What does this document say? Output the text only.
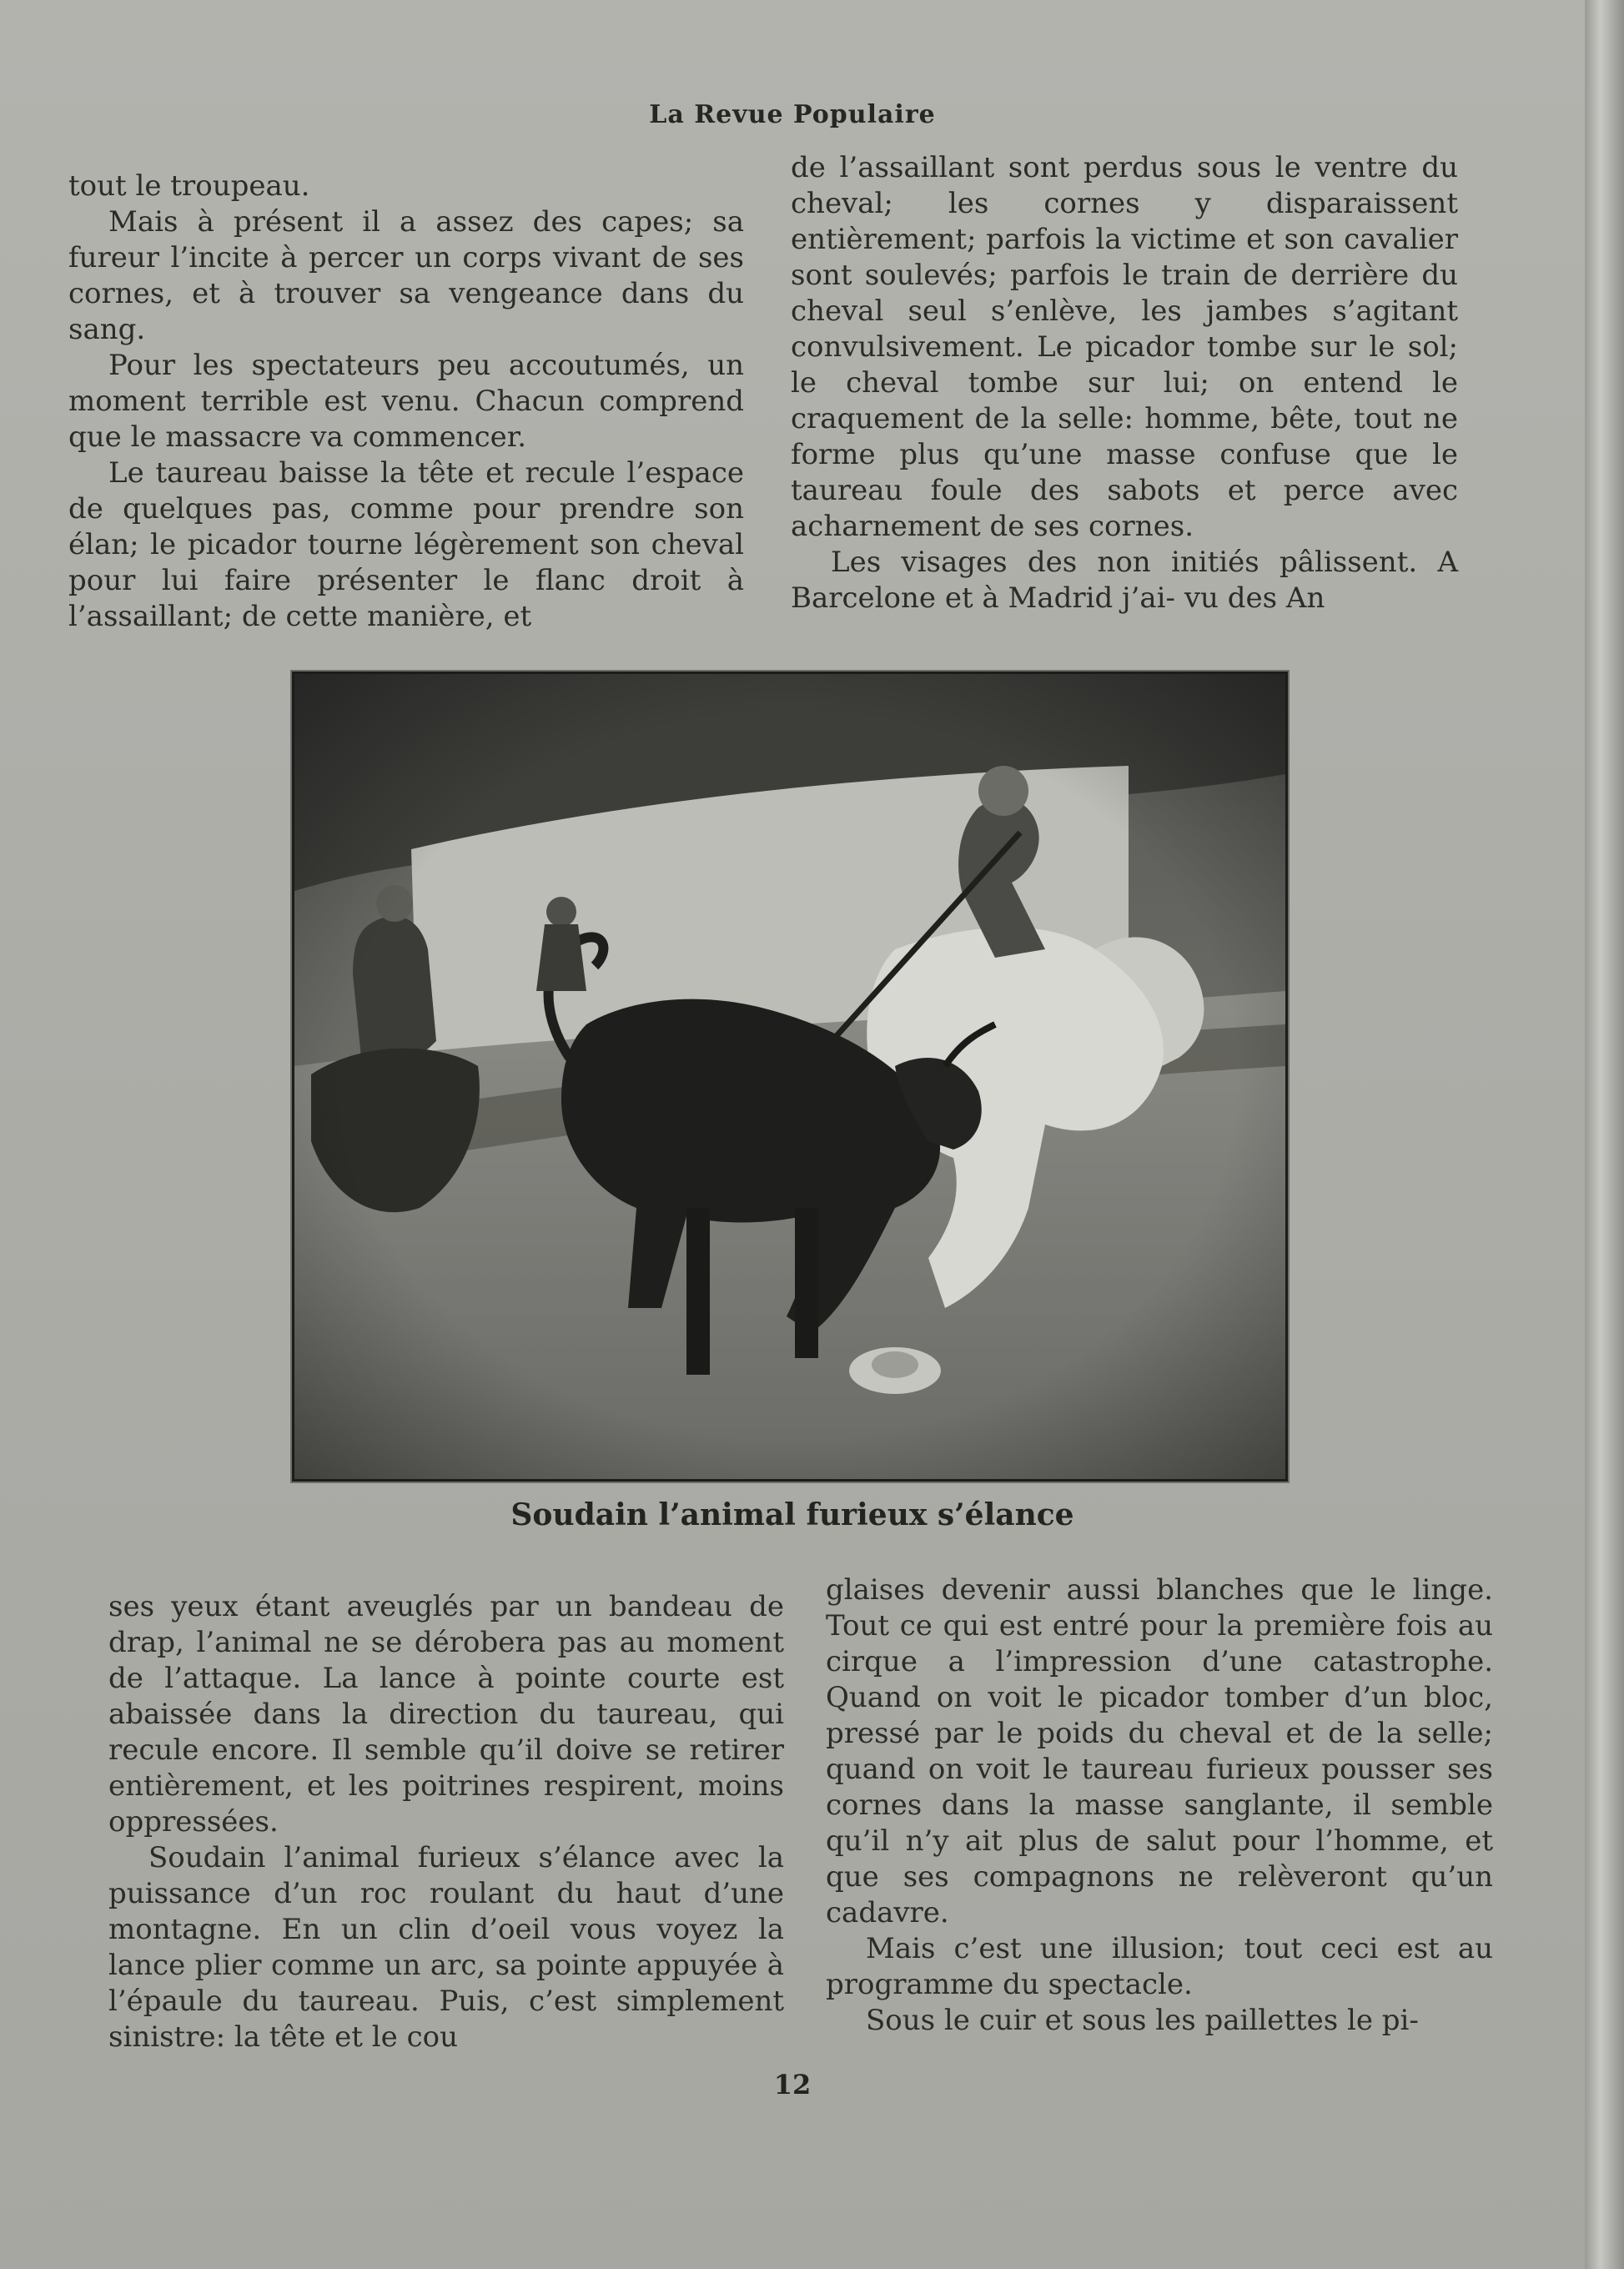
La Revue Populaire

tout le troupeau.

Mais à présent il a assez des capes; sa fureur l’incite à percer un corps vivant de ses cornes, et à trouver sa vengeance dans du sang.

Pour les spectateurs peu accoutumés, un moment terrible est venu. Chacun comprend que le massacre va commencer.

Le taureau baisse la tête et recule l’espace de quelques pas, comme pour prendre son élan; le picador tourne légèrement son cheval pour lui faire présenter le flanc droit à l’assaillant; de cette manière, et

de l’assaillant sont perdus sous le ventre du cheval; les cornes y disparaissent entièrement; parfois la victime et son cavalier sont soulevés; parfois le train de derrière du cheval seul s’enlève, les jambes s’agitant convulsivement. Le picador tombe sur le sol; le cheval tombe sur lui; on entend le craquement de la selle: homme, bête, tout ne forme plus qu’une masse confuse que le taureau foule des sabots et perce avec acharnement de ses cornes.

Les visages des non initiés pâlissent. A Barcelone et à Madrid j’ai- vu des An

Soudain l’animal furieux s’élance

ses yeux étant aveuglés par un bandeau de drap, l’animal ne se dérobera pas au moment de l’attaque. La lance à pointe courte est abaissée dans la direction du taureau, qui recule encore. Il semble qu’il doive se retirer entièrement, et les poitrines respirent, moins oppressées.

Soudain l’animal furieux s’élance avec la puissance d’un roc roulant du haut d’une montagne. En un clin d’oeil vous voyez la lance plier comme un arc, sa pointe appuyée à l’épaule du taureau. Puis, c’est simplement sinistre: la tête et le cou

glaises devenir aussi blanches que le linge. Tout ce qui est entré pour la première fois au cirque a l’impression d’une catastrophe. Quand on voit le picador tomber d’un bloc, pressé par le poids du cheval et de la selle; quand on voit le taureau furieux pousser ses cornes dans la masse sanglante, il semble qu’il n’y ait plus de salut pour l’homme, et que ses compagnons ne relèveront qu’un cadavre.

Mais c’est une illusion; tout ceci est au programme du spectacle.

Sous le cuir et sous les paillettes le pi-

12
